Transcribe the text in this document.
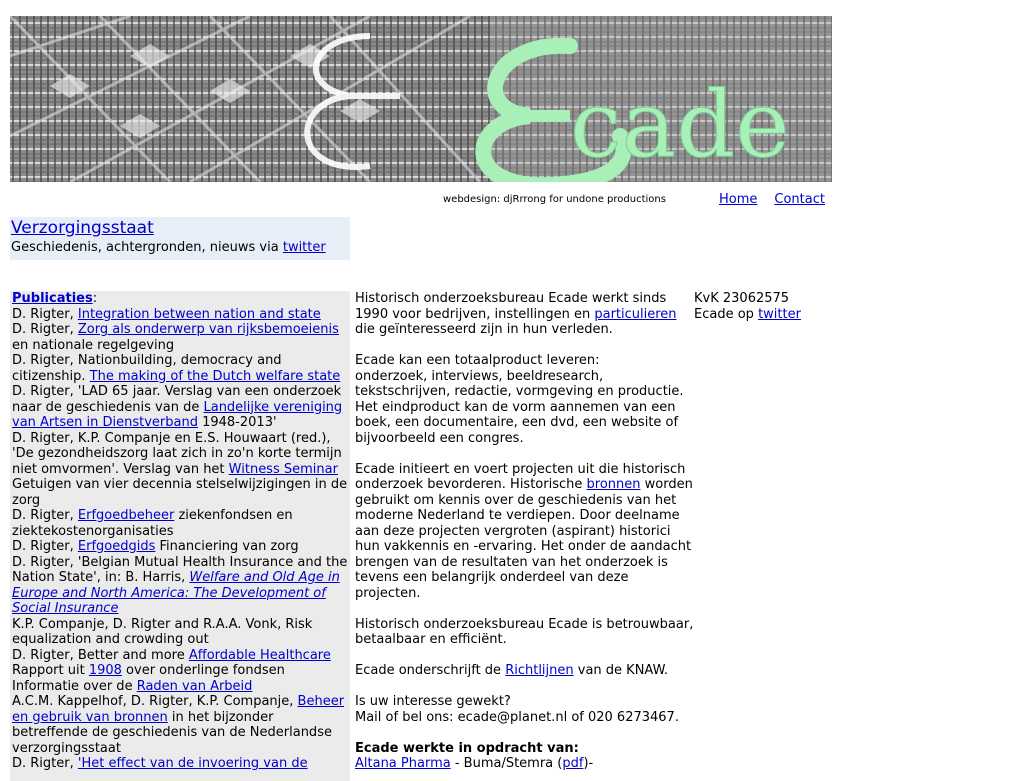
cade
webdesign: djRrrong for undone productions	Home Contact
Verzorgingsstaat
Geschiedenis, achtergronden, nieuws via twitter
Publicaties:
D. Rigter, Integration between nation and state
D. Rigter, Zorg als onderwerp van rijksbemoeienis en nationale regelgeving
D. Rigter, Nationbuilding, democracy and citizenship. The making of the Dutch welfare state
D. Rigter, 'LAD 65 jaar. Verslag van een onderzoek naar de geschiedenis van de Landelijke vereniging van Artsen in Dienstverband 1948-2013'
D. Rigter, K.P. Companje en E.S. Houwaart (red.), 'De gezondheidszorg laat zich in zo'n korte termijn niet omvormen'. Verslag van het Witness Seminar Getuigen van vier decennia stelselwijzigingen in de zorg
D. Rigter, Erfgoedbeheer ziekenfondsen en ziektekostenorganisaties
D. Rigter, Erfgoedgids Financiering van zorg
D. Rigter, 'Belgian Mutual Health Insurance and the Nation State', in: B. Harris, Welfare and Old Age in Europe and North America: The Development of Social Insurance
K.P. Companje, D. Rigter and R.A.A. Vonk, Risk equalization and crowding out
D. Rigter, Better and more Affordable Healthcare
Rapport uit 1908 over onderlinge fondsen
Informatie over de Raden van Arbeid
A.C.M. Kappelhof, D. Rigter, K.P. Companje, Beheer en gebruik van bronnen in het bijzonder betreffende de geschiedenis van de Nederlandse verzorgingsstaat
D. Rigter, 'Het effect van de invoering van de

Historisch onderzoeksbureau Ecade werkt sinds 1990 voor bedrijven, instellingen en particulieren die geïnteresseerd zijn in hun verleden.

Ecade kan een totaalproduct leveren:
onderzoek, interviews, beeldresearch, tekstschrijven, redactie, vormgeving en productie. Het eindproduct kan de vorm aannemen van een boek, een documentaire, een dvd, een website of bijvoorbeeld een congres.

Ecade initieert en voert projecten uit die historisch onderzoek bevorderen. Historische bronnen worden gebruikt om kennis over de geschiedenis van het moderne Nederland te verdiepen. Door deelname aan deze projecten vergroten (aspirant) historici hun vakkennis en -ervaring. Het onder de aandacht brengen van de resultaten van het onderzoek is tevens een belangrijk onderdeel van deze projecten.

Historisch onderzoeksbureau Ecade is betrouwbaar, betaalbaar en efficiënt.

Ecade onderschrijft de Richtlijnen van de KNAW.

Is uw interesse gewekt?
Mail of bel ons: ecade@planet.nl of 020 6273467.

Ecade werkte in opdracht van:

Altana Pharma - Buma/Stemra (pdf)-
KvK 23062575
Ecade op twitter
